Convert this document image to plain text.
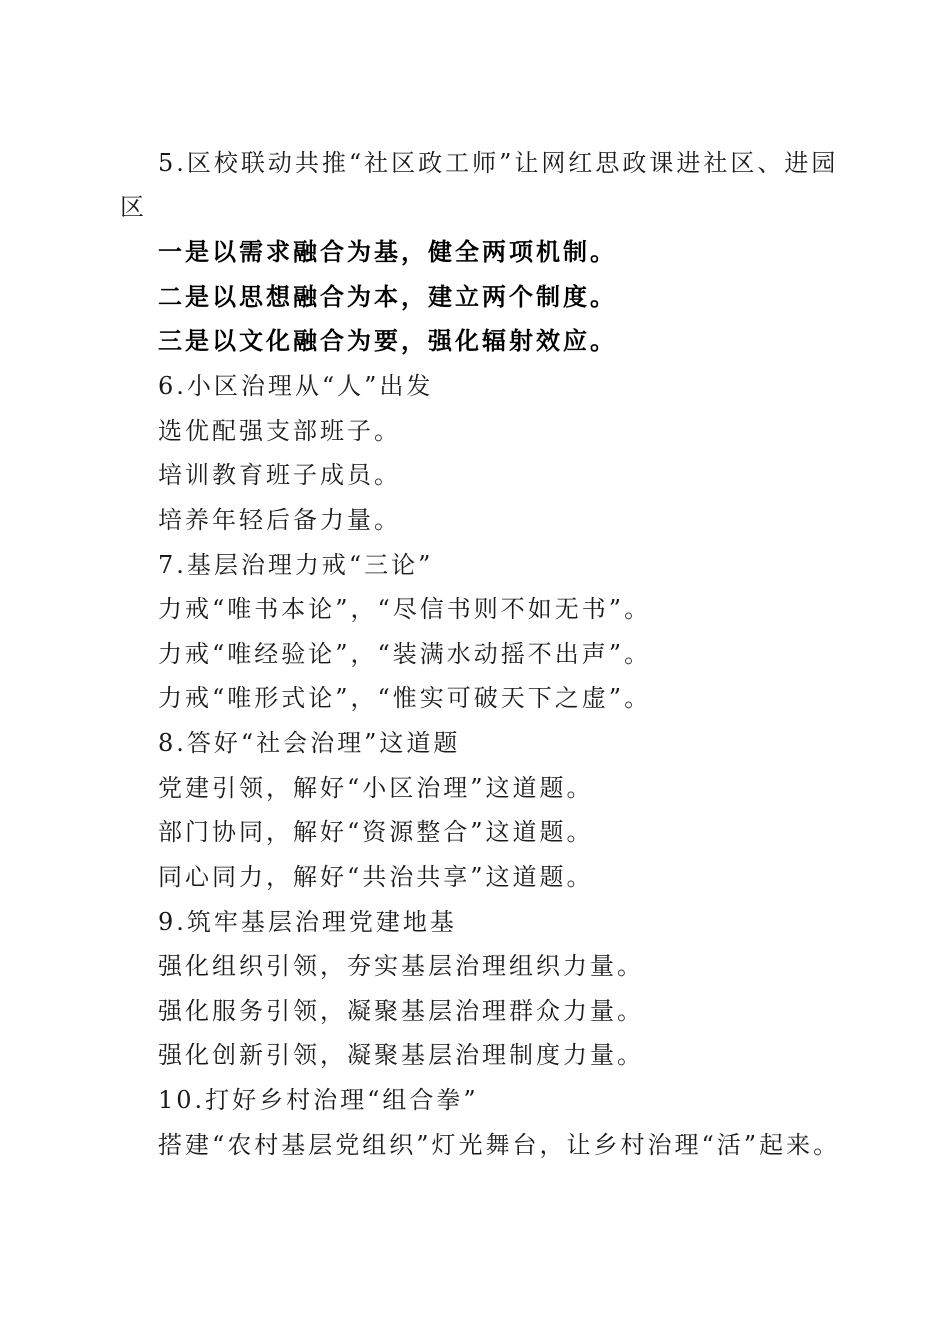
5.区校联动共推“社区政工师”让网红思政课进社区、进园
区
一是以需求融合为基，健全两项机制。
二是以思想融合为本，建立两个制度。
三是以文化融合为要，强化辐射效应。
6.小区治理从“人”出发
选优配强支部班子。
培训教育班子成员。
培养年轻后备力量。
7.基层治理力戒“三论”
力戒“唯书本论”，“尽信书则不如无书”。
力戒“唯经验论”，“装满水动摇不出声”。
力戒“唯形式论”，“惟实可破天下之虚”。
8.答好“社会治理”这道题
党建引领，解好“小区治理”这道题。
部门协同，解好“资源整合”这道题。
同心同力，解好“共治共享”这道题。
9.筑牢基层治理党建地基
强化组织引领，夯实基层治理组织力量。
强化服务引领，凝聚基层治理群众力量。
强化创新引领，凝聚基层治理制度力量。
10.打好乡村治理“组合拳”
搭建“农村基层党组织”灯光舞台，让乡村治理“活”起来。
